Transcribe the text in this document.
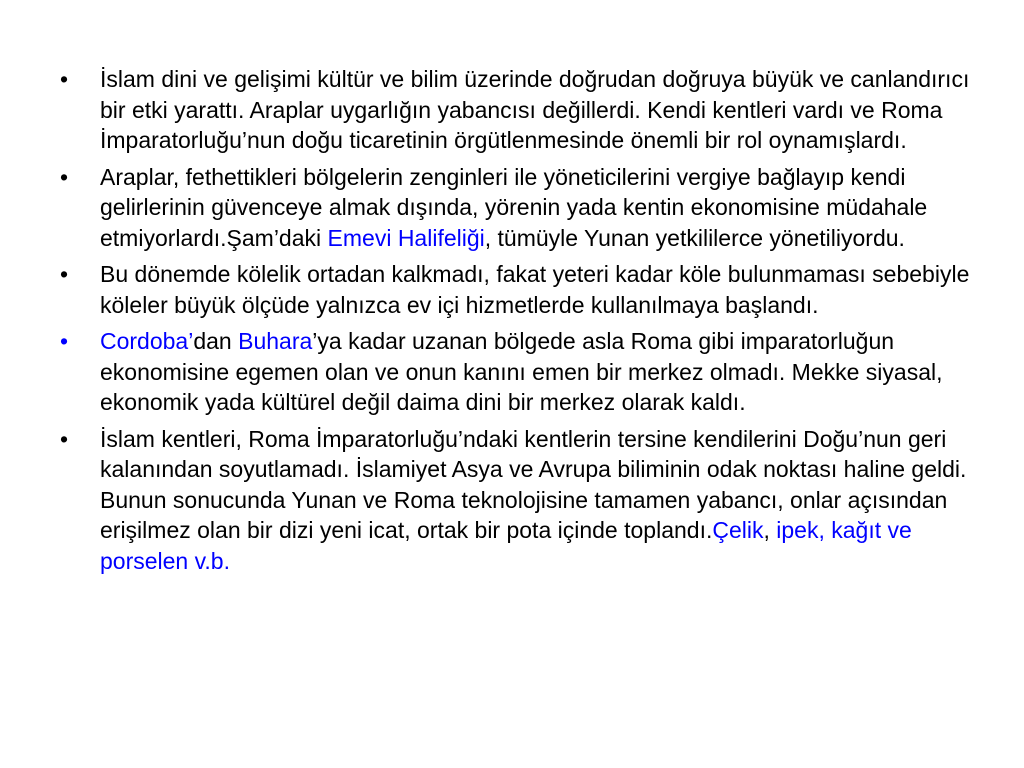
•	İslam dini ve gelişimi kültür ve bilim üzerinde doğrudan doğruya büyük ve canlandırıcı bir etki yarattı. Araplar uygarlığın yabancısı değillerdi. Kendi kentleri vardı ve Roma İmparatorluğu’nun doğu ticaretinin örgütlenmesinde önemli bir rol oynamışlardı.
•	Araplar, fethettikleri bölgelerin zenginleri ile yöneticilerini vergiye bağlayıp kendi gelirlerinin güvenceye almak dışında, yörenin yada kentin ekonomisine müdahale etmiyorlardı.Şam’daki Emevi Halifeliği, tümüyle Yunan yetkililerce yönetiliyordu.
•	Bu dönemde kölelik ortadan kalkmadı, fakat yeteri kadar köle bulunmaması sebebiyle köleler büyük ölçüde yalnızca ev içi hizmetlerde kullanılmaya başlandı.
•	Cordoba’dan Buhara’ya kadar uzanan bölgede asla Roma gibi imparatorluğun ekonomisine egemen olan ve onun kanını emen bir merkez olmadı. Mekke siyasal, ekonomik yada kültürel değil daima dini bir merkez olarak kaldı.
•	İslam kentleri, Roma İmparatorluğu’ndaki kentlerin tersine kendilerini Doğu’nun geri kalanından soyutlamadı. İslamiyet Asya ve Avrupa biliminin odak noktası haline geldi. Bunun sonucunda Yunan ve Roma teknolojisine tamamen yabancı, onlar açısından erişilmez olan bir dizi yeni icat, ortak bir pota içinde toplandı.Çelik, ipek, kağıt ve porselen v.b.
